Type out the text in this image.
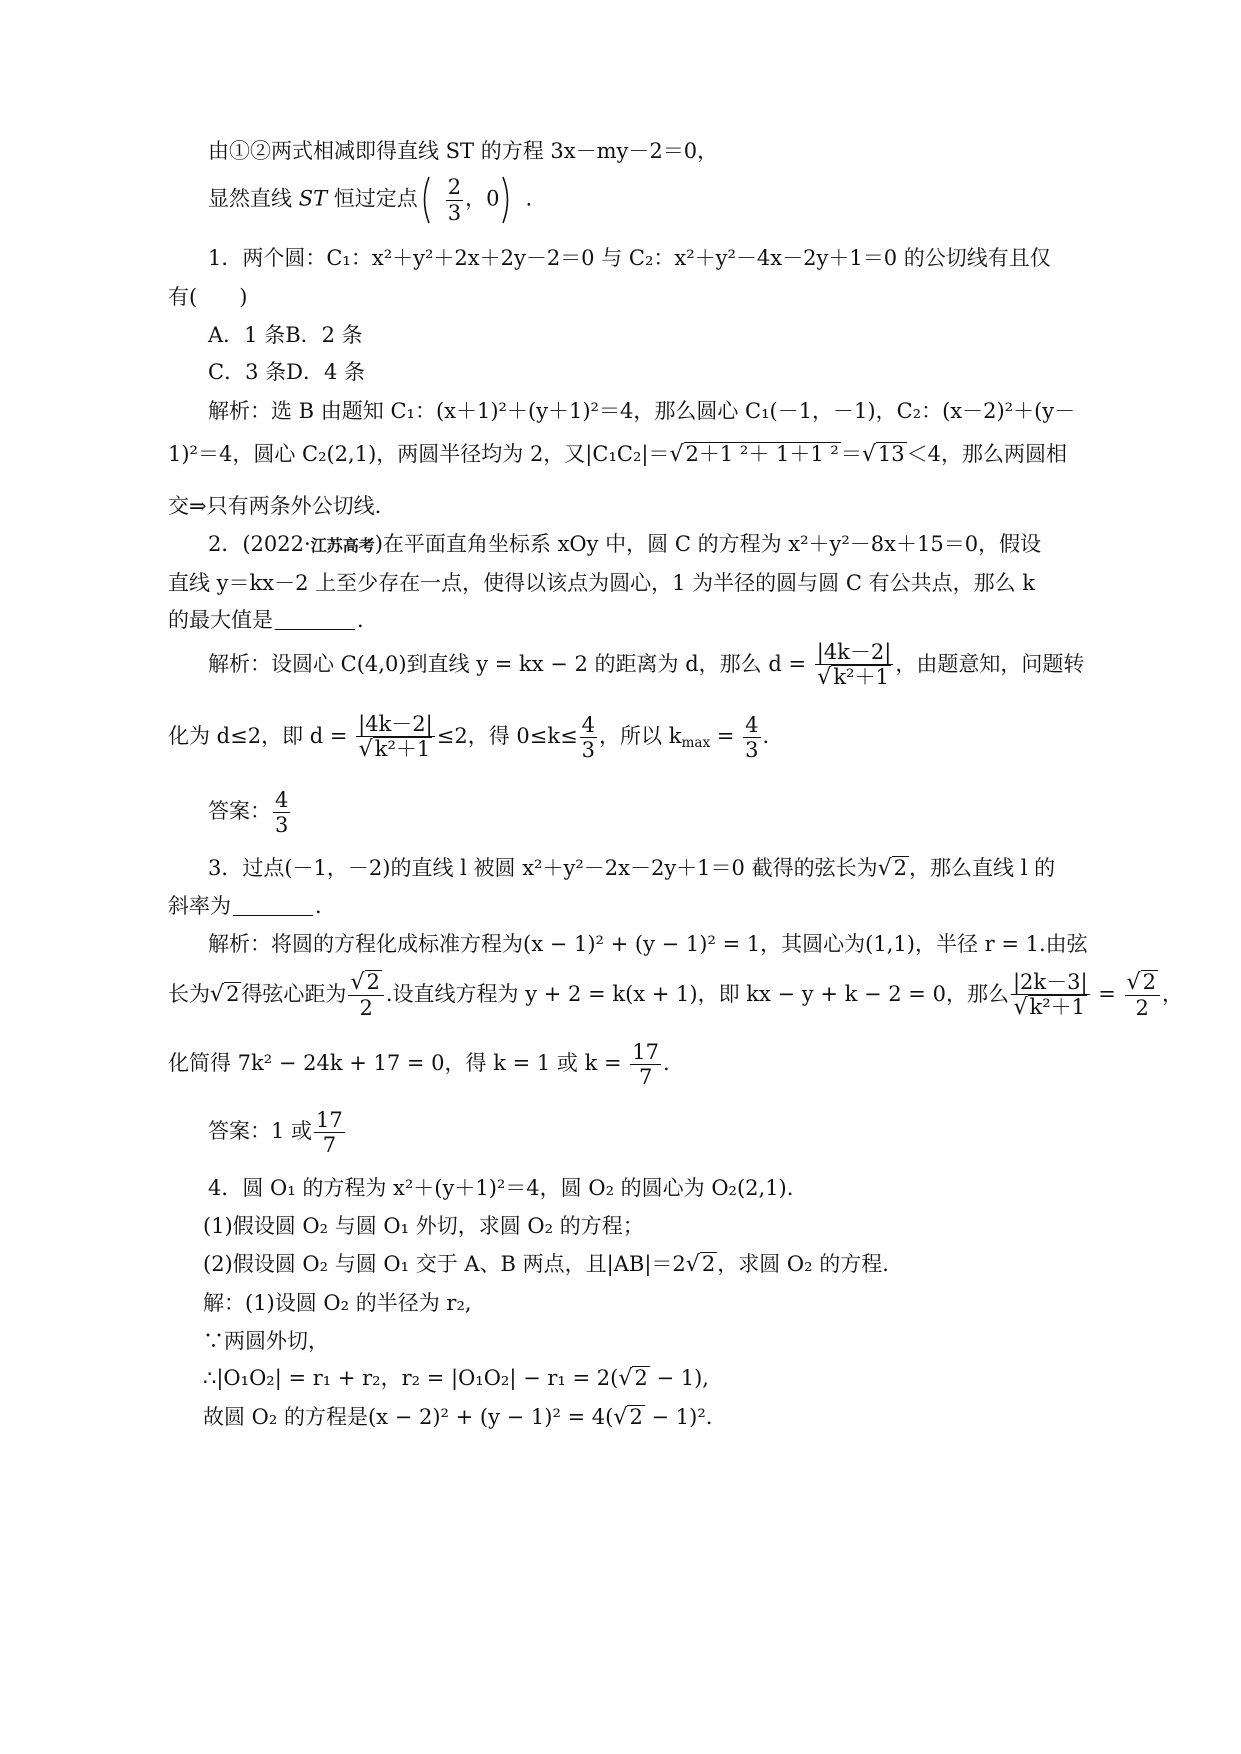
由①②两式相减即得直线 ST 的方程 3x－my－2＝0，
显然直线 ST 恒过定点 $\frac{2}{3}$ ，0 .
1．两个圆：C₁：x²＋y²＋2x＋2y－2＝0 与 C₂：x²＋y²－4x－2y＋1＝0 的公切线有且仅
有(　　)
A．1 条B．2 条
C．3 条D．4 条
解析：选 B 由题知 C₁：(x＋1)²＋(y＋1)²＝4，那么圆心 C₁(－1，－1)，C₂：(x－2)²＋(y－
1)²＝4，圆心 C₂(2,1)，两圆半径均为 2，又|C₁C₂|＝√2＋1 ²＋ 1＋1 ²＝√13＜4，那么两圆相
交⇒只有两条外公切线.
2．(2022·江苏高考)在平面直角坐标系 xOy 中，圆 C 的方程为 x²＋y²－8x＋15＝0，假设
直线 y＝kx－2 上至少存在一点，使得以该点为圆心，1 为半径的圆与圆 C 有公共点，那么 k
的最大值是	.
解析：设圆心 C(4,0)到直线 y = kx − 2 的距离为 d，那么 $d = \frac{|4k-2|}{\text{√k²＋1}}$ ，由题意知，问题转
化为 d≤2，即 $d = \frac{|4k-2|}{\text{√k²＋1}} \le 2$，得 $0\le k\le \frac{4}{3}$ ，所以 $k_{max} = \frac{4}{3}$ .
答案： $\frac{4}{3}$
3．过点(－1，－2)的直线 l 被圆 x²＋y²－2x－2y＋1＝0 截得的弦长为√2，那么直线 l 的
斜率为	.
解析：将圆的方程化成标准方程为(x − 1)² + (y − 1)² = 1，其圆心为(1,1)，半径 r = 1.由弦
长为√2得弦心距为 $\frac{√2}{2}$ .设直线方程为 y + 2 = k(x + 1)，即 kx − y + k − 2 = 0，那么 $\frac{|2k-3|}{\text{√k²＋1}} = \frac{√2}{2}$ ，
化简得 7k² − 24k + 17 = 0，得 k = 1 或 $k = \frac{17}{7}$ .
答案：1 或 $\frac{17}{7}$
4．圆 O₁ 的方程为 x²＋(y＋1)²＝4，圆 O₂ 的圆心为 O₂(2,1).
(1)假设圆 O₂ 与圆 O₁ 外切，求圆 O₂ 的方程；
(2)假设圆 O₂ 与圆 O₁ 交于 A、B 两点，且|AB|＝2√2，求圆 O₂ 的方程.
解：(1)设圆 O₂ 的半径为 r₂,
∵两圆外切，
∴|O₁O₂| = r₁ + r₂，r₂ = |O₁O₂| − r₁ = 2(√2 − 1),
故圆 O₂ 的方程是(x − 2)² + (y − 1)² = 4(√2 − 1)².
